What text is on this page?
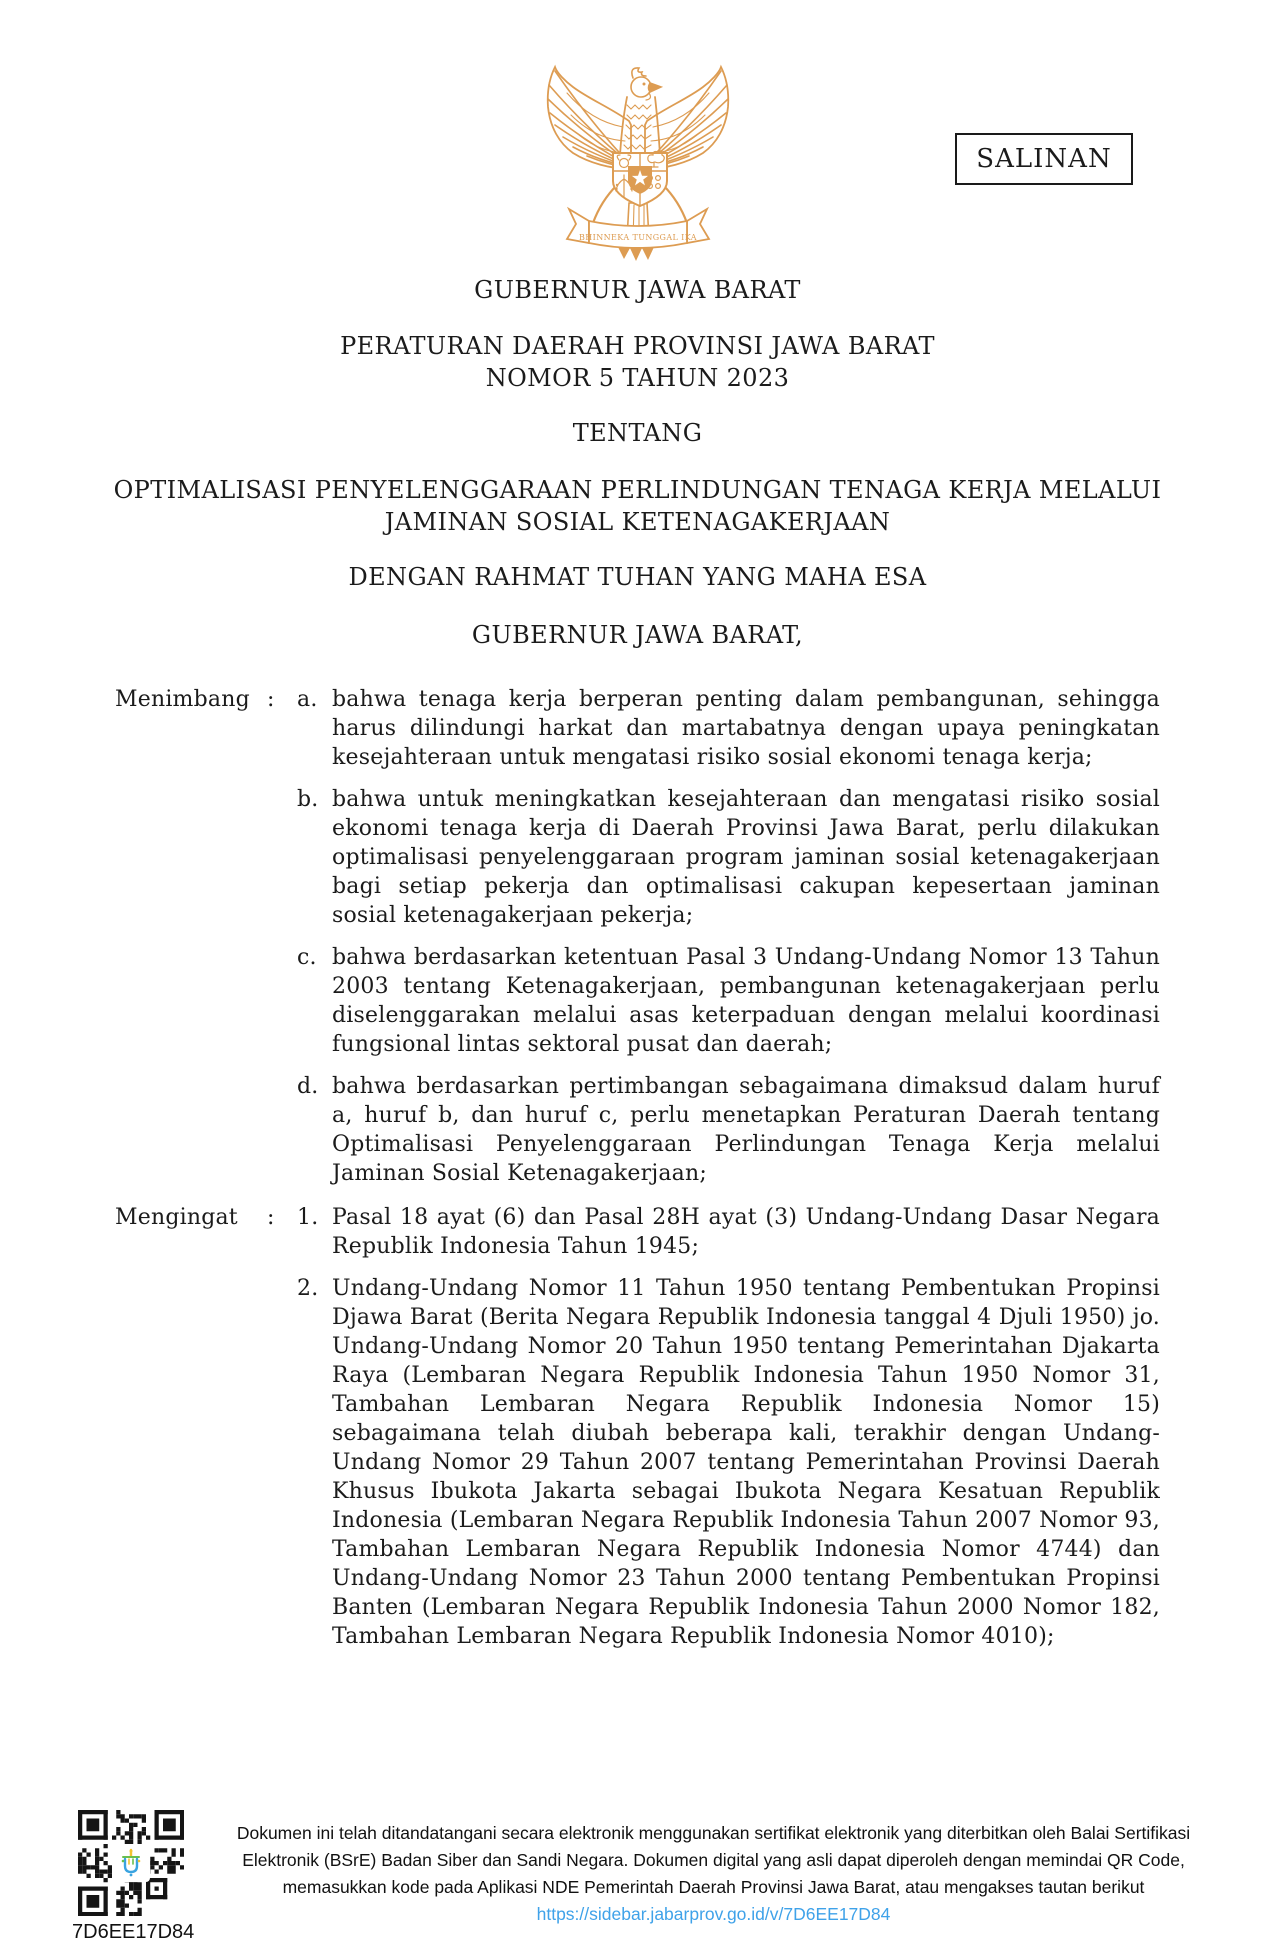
SALINAN
BHINNEKA TUNGGAL IKA
GUBERNUR JAWA BARAT
PERATURAN DAERAH PROVINSI JAWA BARAT
NOMOR 5 TAHUN 2023
TENTANG
OPTIMALISASI PENYELENGGARAAN PERLINDUNGAN TENAGA KERJA MELALUI
JAMINAN SOSIAL KETENAGAKERJAAN
DENGAN RAHMAT TUHAN YANG MAHA ESA
GUBERNUR JAWA BARAT,
Menimbang :	a. bahwa tenaga kerja berperan penting dalam pembangunan, sehingga harus dilindungi harkat dan martabatnya dengan upaya peningkatan kesejahteraan untuk mengatasi risiko sosial ekonomi tenaga kerja;
b. bahwa untuk meningkatkan kesejahteraan dan mengatasi risiko sosial ekonomi tenaga kerja di Daerah Provinsi Jawa Barat, perlu dilakukan optimalisasi penyelenggaraan program jaminan sosial ketenagakerjaan bagi setiap pekerja dan optimalisasi cakupan kepesertaan jaminan sosial ketenagakerjaan pekerja;
c. bahwa berdasarkan ketentuan Pasal 3 Undang-Undang Nomor 13 Tahun 2003 tentang Ketenagakerjaan, pembangunan ketenagakerjaan perlu diselenggarakan melalui asas keterpaduan dengan melalui koordinasi fungsional lintas sektoral pusat dan daerah;
d. bahwa berdasarkan pertimbangan sebagaimana dimaksud dalam huruf a, huruf b, dan huruf c, perlu menetapkan Peraturan Daerah tentang Optimalisasi Penyelenggaraan Perlindungan Tenaga Kerja melalui Jaminan Sosial Ketenagakerjaan;
Mengingat	:	1. Pasal 18 ayat (6) dan Pasal 28H ayat (3) Undang-Undang Dasar Negara Republik Indonesia Tahun 1945;
2. Undang-Undang Nomor 11 Tahun 1950 tentang Pembentukan Propinsi Djawa Barat (Berita Negara Republik Indonesia tanggal 4 Djuli 1950) jo. Undang-Undang Nomor 20 Tahun 1950 tentang Pemerintahan Djakarta Raya (Lembaran Negara Republik Indonesia Tahun 1950 Nomor 31, Tambahan Lembaran Negara Republik Indonesia Nomor 15) sebagaimana telah diubah beberapa kali, terakhir dengan Undang-Undang Nomor 29 Tahun 2007 tentang Pemerintahan Provinsi Daerah Khusus Ibukota Jakarta sebagai Ibukota Negara Kesatuan Republik Indonesia (Lembaran Negara Republik Indonesia Tahun 2007 Nomor 93, Tambahan Lembaran Negara Republik Indonesia Nomor 4744) dan Undang-Undang Nomor 23 Tahun 2000 tentang Pembentukan Propinsi Banten (Lembaran Negara Republik Indonesia Tahun 2000 Nomor 182, Tambahan Lembaran Negara Republik Indonesia Nomor 4010);
7D6EE17D84
Dokumen ini telah ditandatangani secara elektronik menggunakan sertifikat elektronik yang diterbitkan oleh Balai Sertifikasi
Elektronik (BSrE) Badan Siber dan Sandi Negara. Dokumen digital yang asli dapat diperoleh dengan memindai QR Code,
memasukkan kode pada Aplikasi NDE Pemerintah Daerah Provinsi Jawa Barat, atau mengakses tautan berikut
https://sidebar.jabarprov.go.id/v/7D6EE17D84
